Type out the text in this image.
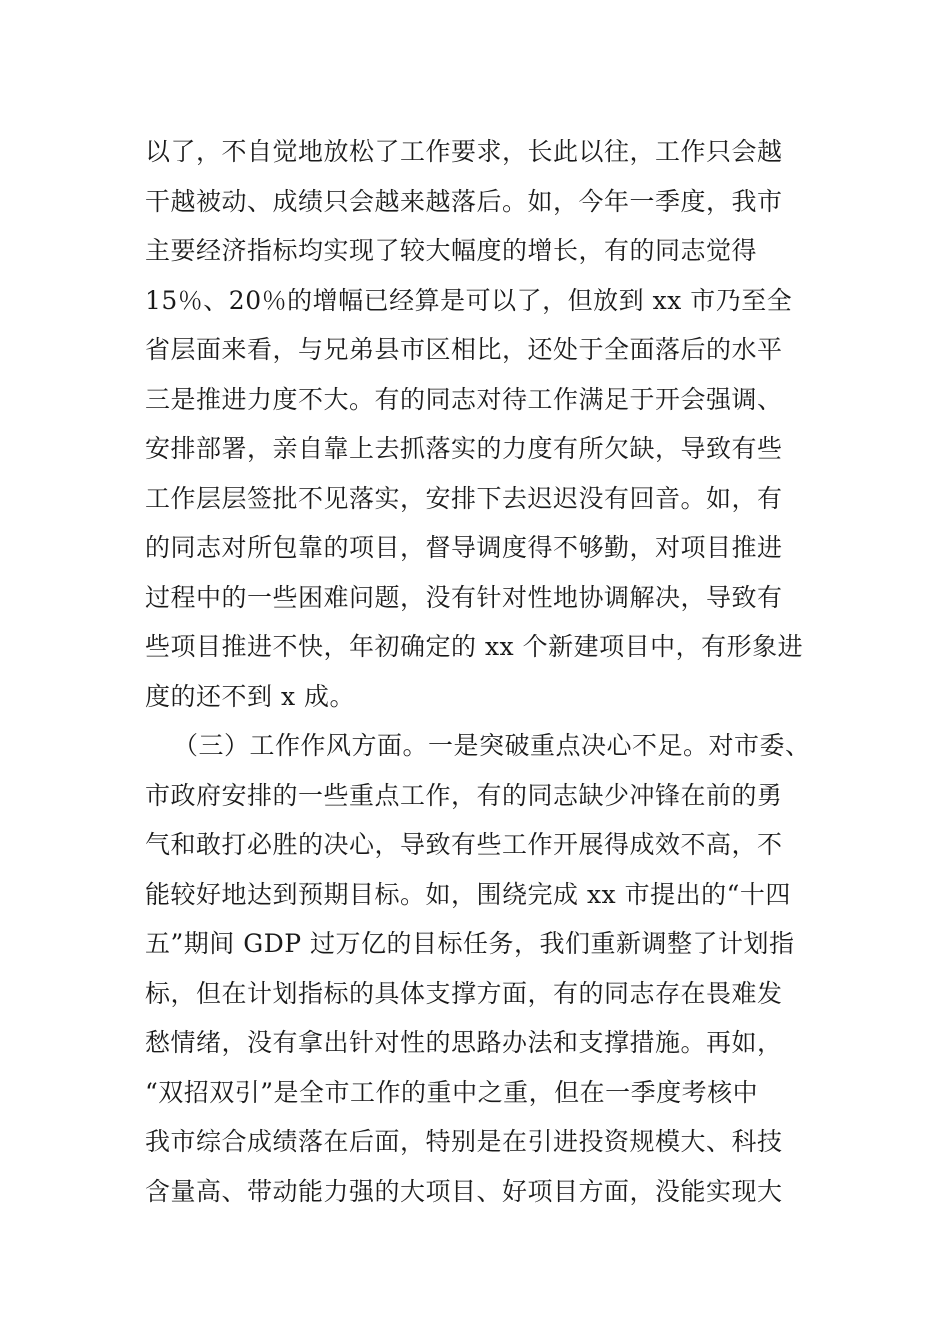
以了，不自觉地放松了工作要求，长此以往，工作只会越
干越被动、成绩只会越来越落后。如，今年一季度，我市
主要经济指标均实现了较大幅度的增长，有的同志觉得
15％、20％的增幅已经算是可以了，但放到 xx 市乃至全
省层面来看，与兄弟县市区相比，还处于全面落后的水平
三是推进力度不大。有的同志对待工作满足于开会强调、
安排部署，亲自靠上去抓落实的力度有所欠缺，导致有些
工作层层签批不见落实，安排下去迟迟没有回音。如，有
的同志对所包靠的项目，督导调度得不够勤，对项目推进
过程中的一些困难问题，没有针对性地协调解决，导致有
些项目推进不快，年初确定的 xx 个新建项目中，有形象进
度的还不到 x 成。
（三）工作作风方面。一是突破重点决心不足。对市委、
市政府安排的一些重点工作，有的同志缺少冲锋在前的勇
气和敢打必胜的决心，导致有些工作开展得成效不高，不
能较好地达到预期目标。如，围绕完成 xx 市提出的“十四
五”期间 GDP 过万亿的目标任务，我们重新调整了计划指
标，但在计划指标的具体支撑方面，有的同志存在畏难发
愁情绪，没有拿出针对性的思路办法和支撑措施。再如，
“双招双引”是全市工作的重中之重，但在一季度考核中
我市综合成绩落在后面，特别是在引进投资规模大、科技
含量高、带动能力强的大项目、好项目方面，没能实现大
